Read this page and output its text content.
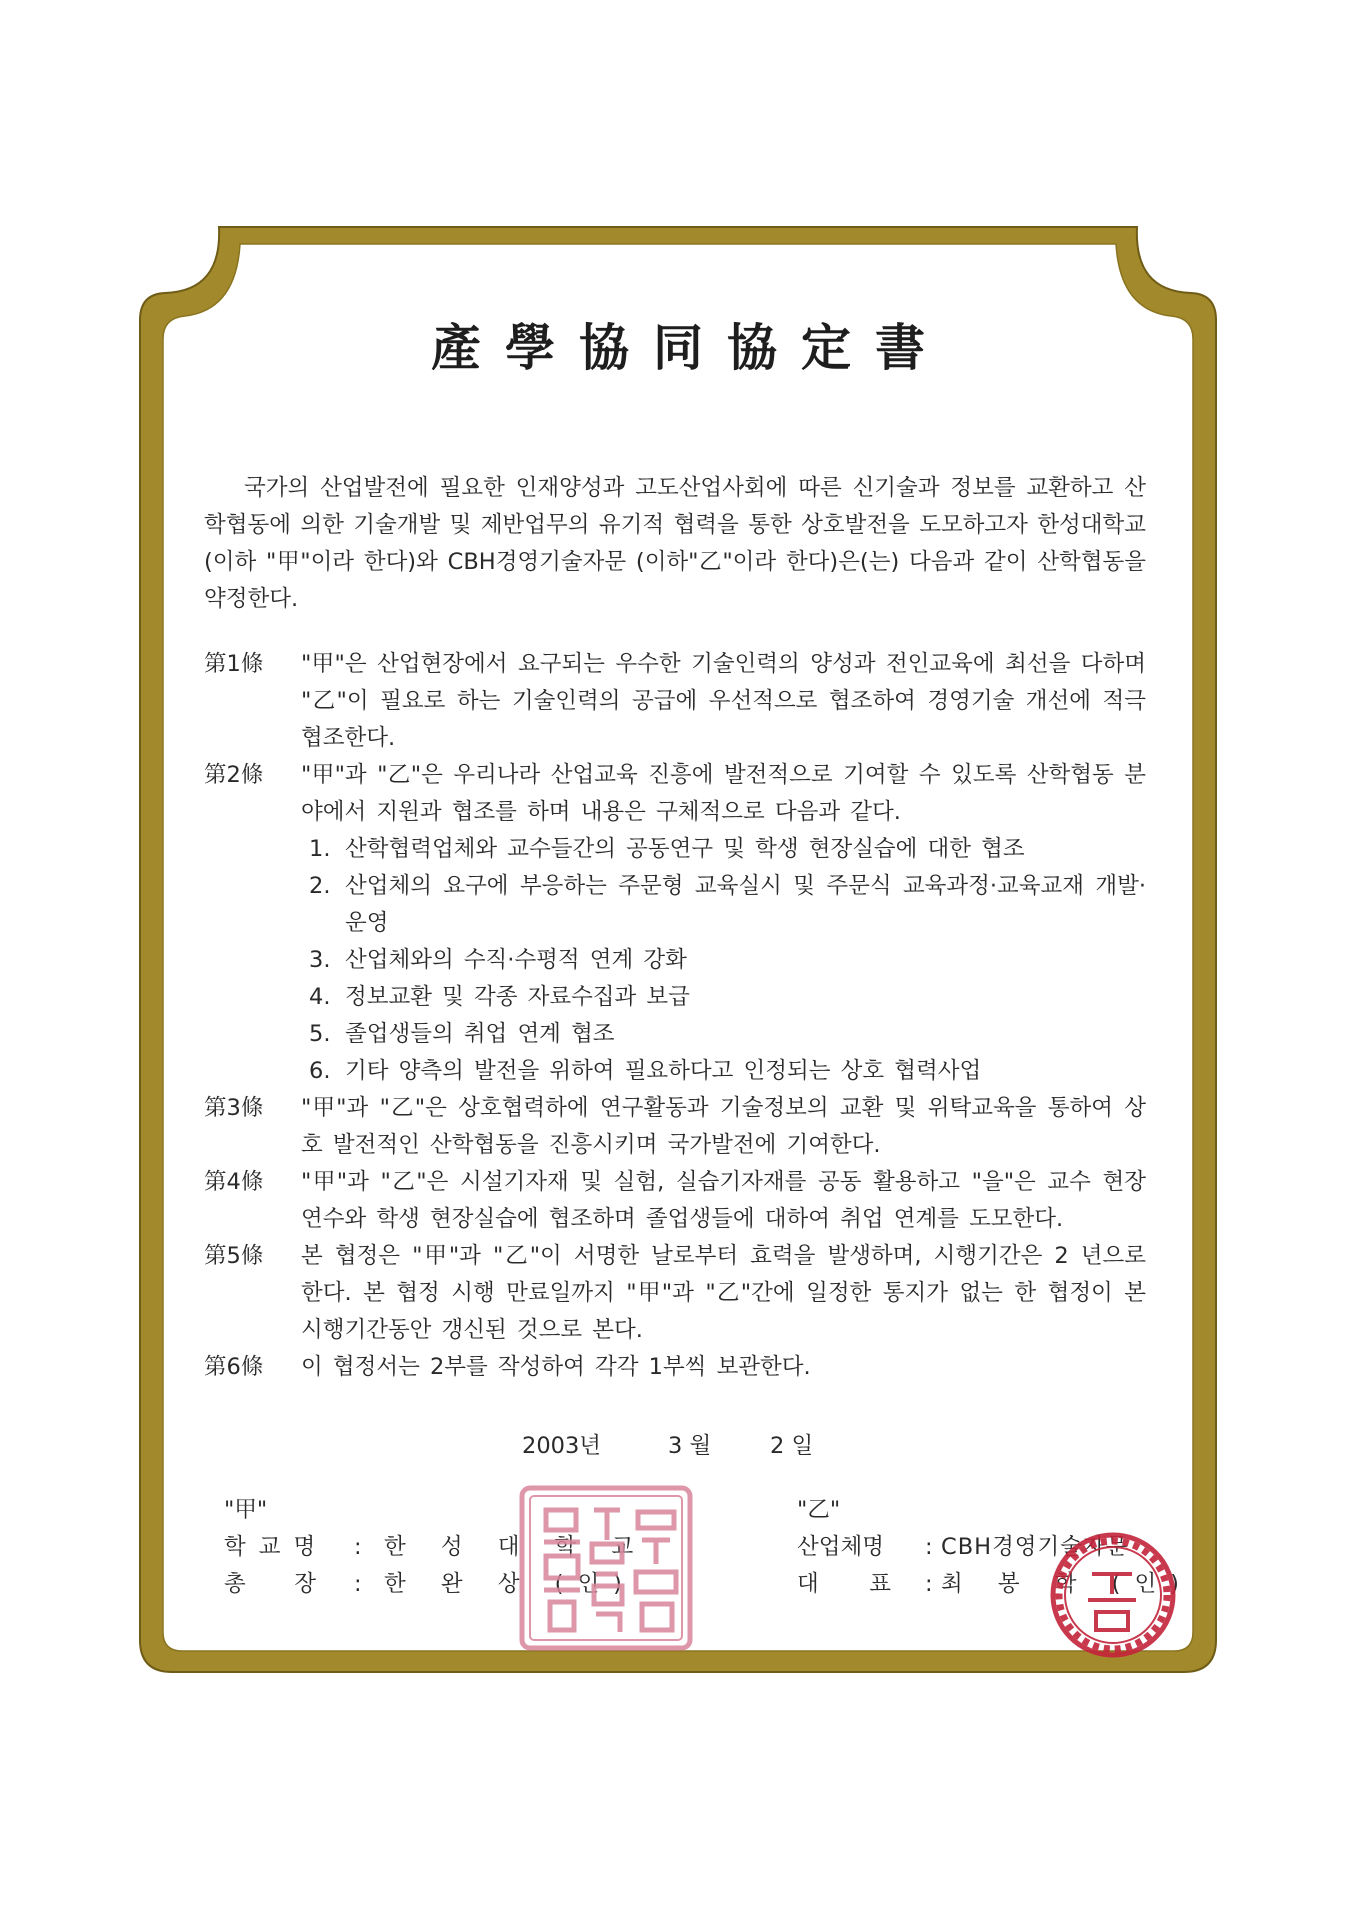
產學協同協定書

국가의 산업발전에 필요한 인재양성과 고도산업사회에 따른 신기술과 정보를 교환하고 산학협동에 의한 기술개발 및 제반업무의 유기적 협력을 통한 상호발전을 도모하고자 한성대학교(이하 "甲"이라 한다)와 CBH경영기술자문 (이하"乙"이라 한다)은(는) 다음과 같이 산학협동을 약정한다.

第1條	"甲"은 산업현장에서 요구되는 우수한 기술인력의 양성과 전인교육에 최선을 다하며 "乙"이 필요로 하는 기술인력의 공급에 우선적으로 협조하여 경영기술 개선에 적극 협조한다.
第2條	"甲"과 "乙"은 우리나라 산업교육 진흥에 발전적으로 기여할 수 있도록 산학협동 분야에서 지원과 협조를 하며 내용은 구체적으로 다음과 같다.
1. 산학협력업체와 교수들간의 공동연구 및 학생 현장실습에 대한 협조
2. 산업체의 요구에 부응하는 주문형 교육실시 및 주문식 교육과정·교육교재 개발·운영
3. 산업체와의 수직·수평적 연계 강화
4. 정보교환 및 각종 자료수집과 보급
5. 졸업생들의 취업 연계 협조
6. 기타 양측의 발전을 위하여 필요하다고 인정되는 상호 협력사업
第3條	"甲"과 "乙"은 상호협력하에 연구활동과 기술정보의 교환 및 위탁교육을 통하여 상호 발전적인 산학협동을 진흥시키며 국가발전에 기여한다.
第4條	"甲"과 "乙"은 시설기자재 및 실험, 실습기자재를 공동 활용하고 "을"은 교수 현장연수와 학생 현장실습에 협조하며 졸업생들에 대하여 취업 연계를 도모한다.
第5條	본 협정은 "甲"과 "乙"이 서명한 날로부터 효력을 발생하며, 시행기간은 2 년으로 한다. 본 협정 시행 만료일까지 "甲"과 "乙"간에 일정한 통지가 없는 한 협정이 본 시행기간동안 갱신된 것으로 본다.
第6條	이 협정서는 2부를 작성하여 각각 1부씩 보관한다.
2003년	3 월	2 일
"甲"
학교명	: 한 성 대 학 교
총　장	: 한 완 상 (인)
"乙"
산업체명	: CBH경영기술자문
대　표 : 최 봉 학 (인)
